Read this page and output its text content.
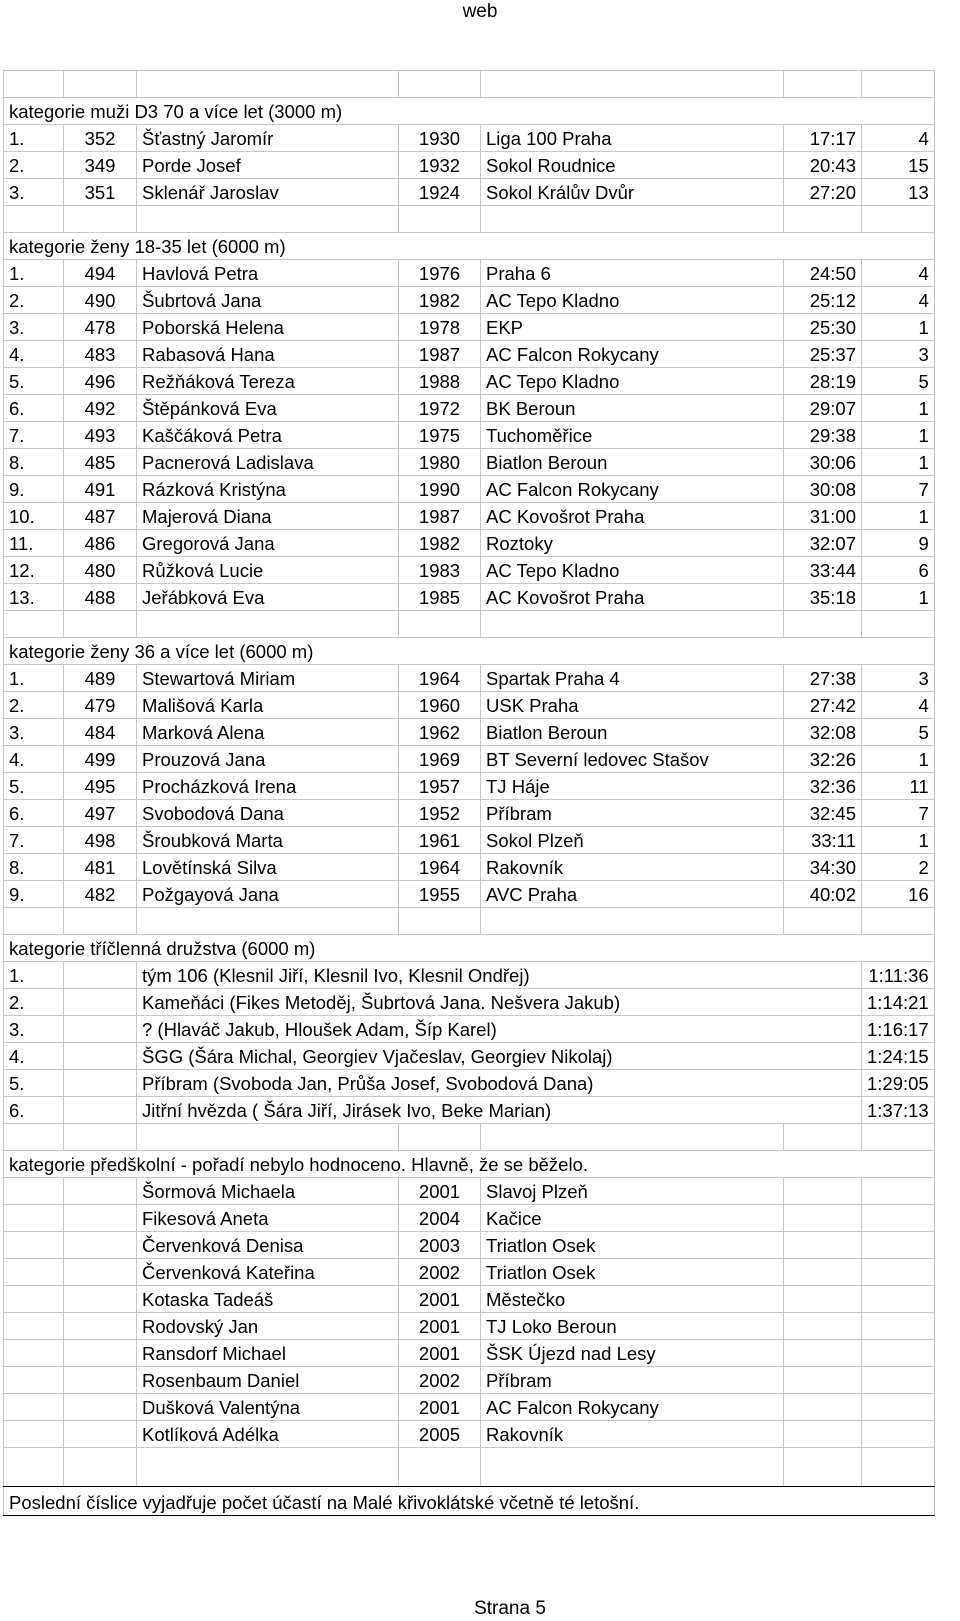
web

kategorie muži D3 70 a více let (3000 m)						
1.	352	Šťastný Jaromír	1930	Liga 100 Praha	17:17	4
2.	349	Porde Josef	1932	Sokol Roudnice	20:43	15
3.	351	Sklenář Jaroslav	1924	Sokol Králův Dvůr	27:20	13

kategorie ženy 18-35 let (6000 m)						
1.	494	Havlová Petra	1976	Praha 6	24:50	4
2.	490	Šubrtová Jana	1982	AC Tepo Kladno	25:12	4
3.	478	Poborská Helena	1978	EKP	25:30	1
4.	483	Rabasová Hana	1987	AC Falcon Rokycany	25:37	3
5.	496	Režňáková Tereza	1988	AC Tepo Kladno	28:19	5
6.	492	Štěpánková Eva	1972	BK Beroun	29:07	1
7.	493	Kaščáková Petra	1975	Tuchoměřice	29:38	1
8.	485	Pacnerová Ladislava	1980	Biatlon Beroun	30:06	1
9.	491	Rázková Kristýna	1990	AC Falcon Rokycany	30:08	7
10.	487	Majerová Diana	1987	AC Kovošrot Praha	31:00	1
11.	486	Gregorová Jana	1982	Roztoky	32:07	9
12.	480	Růžková Lucie	1983	AC Tepo Kladno	33:44	6
13.	488	Jeřábková Eva	1985	AC Kovošrot Praha	35:18	1

kategorie ženy 36 a více let (6000 m)						
1.	489	Stewartová Miriam	1964	Spartak Praha 4	27:38	3
2.	479	Mališová Karla	1960	USK Praha	27:42	4
3.	484	Marková Alena	1962	Biatlon Beroun	32:08	5
4.	499	Prouzová Jana	1969	BT Severní ledovec Stašov	32:26	1
5.	495	Procházková Irena	1957	TJ Háje	32:36	11
6.	497	Svobodová Dana	1952	Příbram	32:45	7
7.	498	Šroubková Marta	1961	Sokol Plzeň	33:11	1
8.	481	Lovětínská Silva	1964	Rakovník	34:30	2
9.	482	Požgayová Jana	1955	AVC Praha	40:02	16

kategorie tříčlenná družstva (6000 m)						
1.		tým 106 (Klesnil Jiří, Klesnil Ivo, Klesnil Ondřej)				1:11:36
2.		Kameňáci (Fikes Metoděj, Šubrtová Jana. Nešvera Jakub)				1:14:21
3.		? (Hlaváč Jakub, Hloušek Adam, Šíp Karel)				1:16:17
4.		ŠGG (Šára Michal, Georgiev Vjačeslav, Georgiev Nikolaj)				1:24:15
5.		Příbram (Svoboda Jan, Průša Josef, Svobodová Dana)				1:29:05
6.		Jitřní hvězda ( Šára Jiří, Jirásek Ivo, Beke Marian)				1:37:13

kategorie předškolní - pořadí nebylo hodnoceno. Hlavně, že se běželo.						
		Šormová Michaela	2001	Slavoj Plzeň		
		Fikesová Aneta	2004	Kačice		
		Červenková Denisa	2003	Triatlon Osek		
		Červenková Kateřina	2002	Triatlon Osek		
		Kotaska Tadeáš	2001	Městečko		
		Rodovský Jan	2001	TJ Loko Beroun		
		Ransdorf Michael	2001	ŠSK Újezd nad Lesy		
		Rosenbaum Daniel	2002	Příbram		
		Dušková Valentýna	2001	AC Falcon Rokycany		
		Kotlíková Adélka	2005	Rakovník		

Poslední číslice vyjadřuje počet účastí na Malé křivoklátské včetně té letošní.						
Strana 5
